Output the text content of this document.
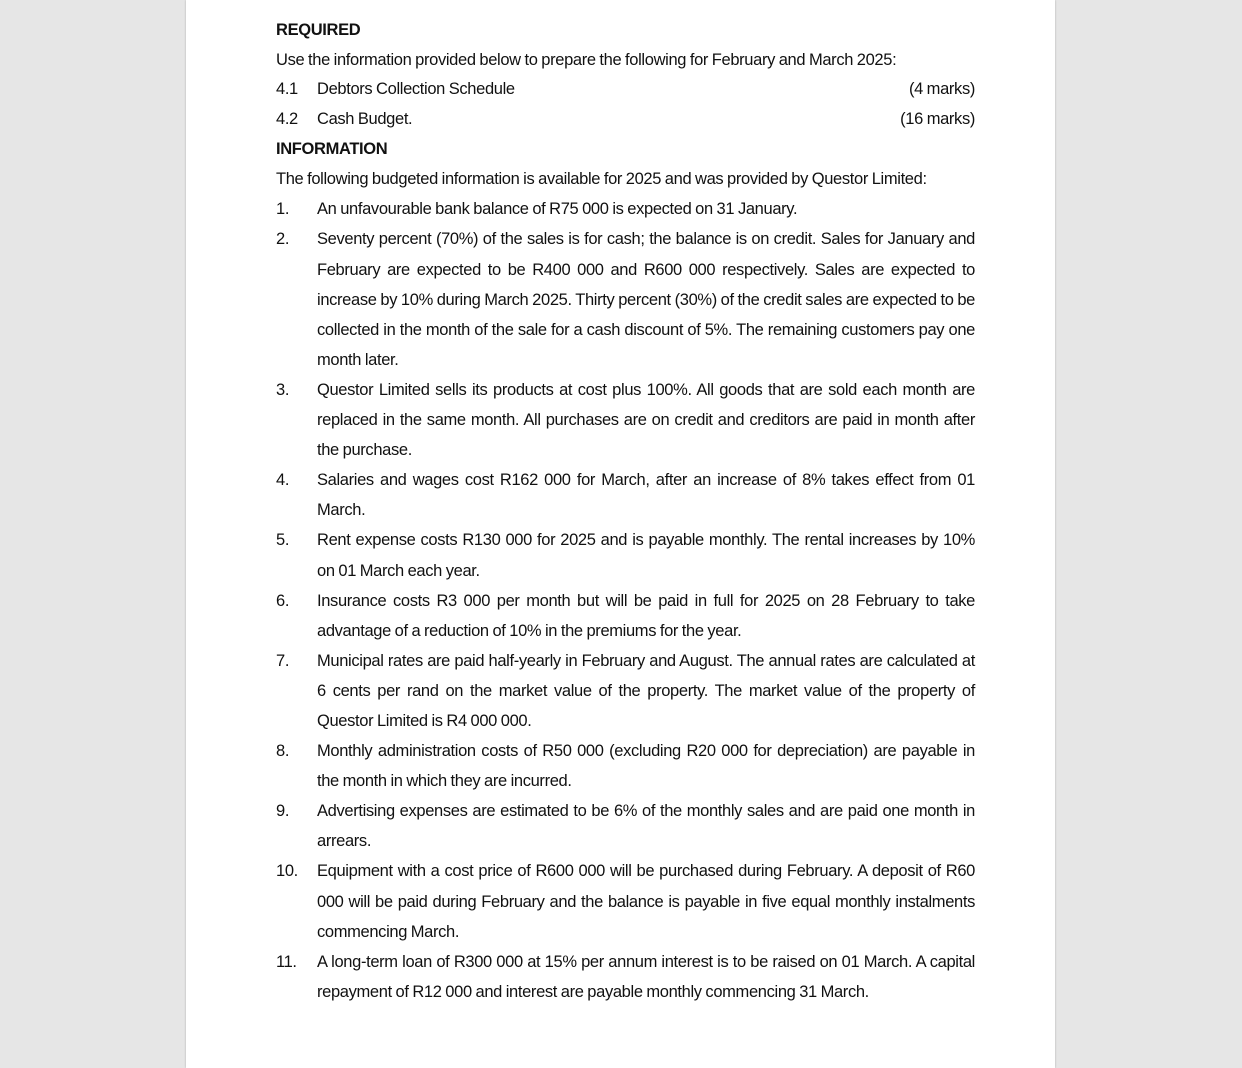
REQUIRED
Use the information provided below to prepare the following for February and March 2025:
4.1	Debtors Collection Schedule	(4 marks)
4.2	Cash Budget.	(16 marks)
INFORMATION
The following budgeted information is available for 2025 and was provided by Questor Limited:
1.	An unfavourable bank balance of R75 000 is expected on 31 January.
2.	Seventy percent (70%) of the sales is for cash; the balance is on credit. Sales for January and February are expected to be R400 000 and R600 000 respectively. Sales are expected to increase by 10% during March 2025. Thirty percent (30%) of the credit sales are expected to be collected in the month of the sale for a cash discount of 5%. The remaining customers pay one month later.
3.	Questor Limited sells its products at cost plus 100%. All goods that are sold each month are replaced in the same month. All purchases are on credit and creditors are paid in month after the purchase.
4.	Salaries and wages cost R162 000 for March, after an increase of 8% takes effect from 01 March.
5.	Rent expense costs R130 000 for 2025 and is payable monthly. The rental increases by 10% on 01 March each year.
6.	Insurance costs R3 000 per month but will be paid in full for 2025 on 28 February to take advantage of a reduction of 10% in the premiums for the year.
7.	Municipal rates are paid half-yearly in February and August. The annual rates are calculated at 6 cents per rand on the market value of the property. The market value of the property of Questor Limited is R4 000 000.
8.	Monthly administration costs of R50 000 (excluding R20 000 for depreciation) are payable in the month in which they are incurred.
9.	Advertising expenses are estimated to be 6% of the monthly sales and are paid one month in arrears.
10.	Equipment with a cost price of R600 000 will be purchased during February. A deposit of R60 000 will be paid during February and the balance is payable in five equal monthly instalments commencing March.
11.	A long-term loan of R300 000 at 15% per annum interest is to be raised on 01 March. A capital repayment of R12 000 and interest are payable monthly commencing 31 March.
